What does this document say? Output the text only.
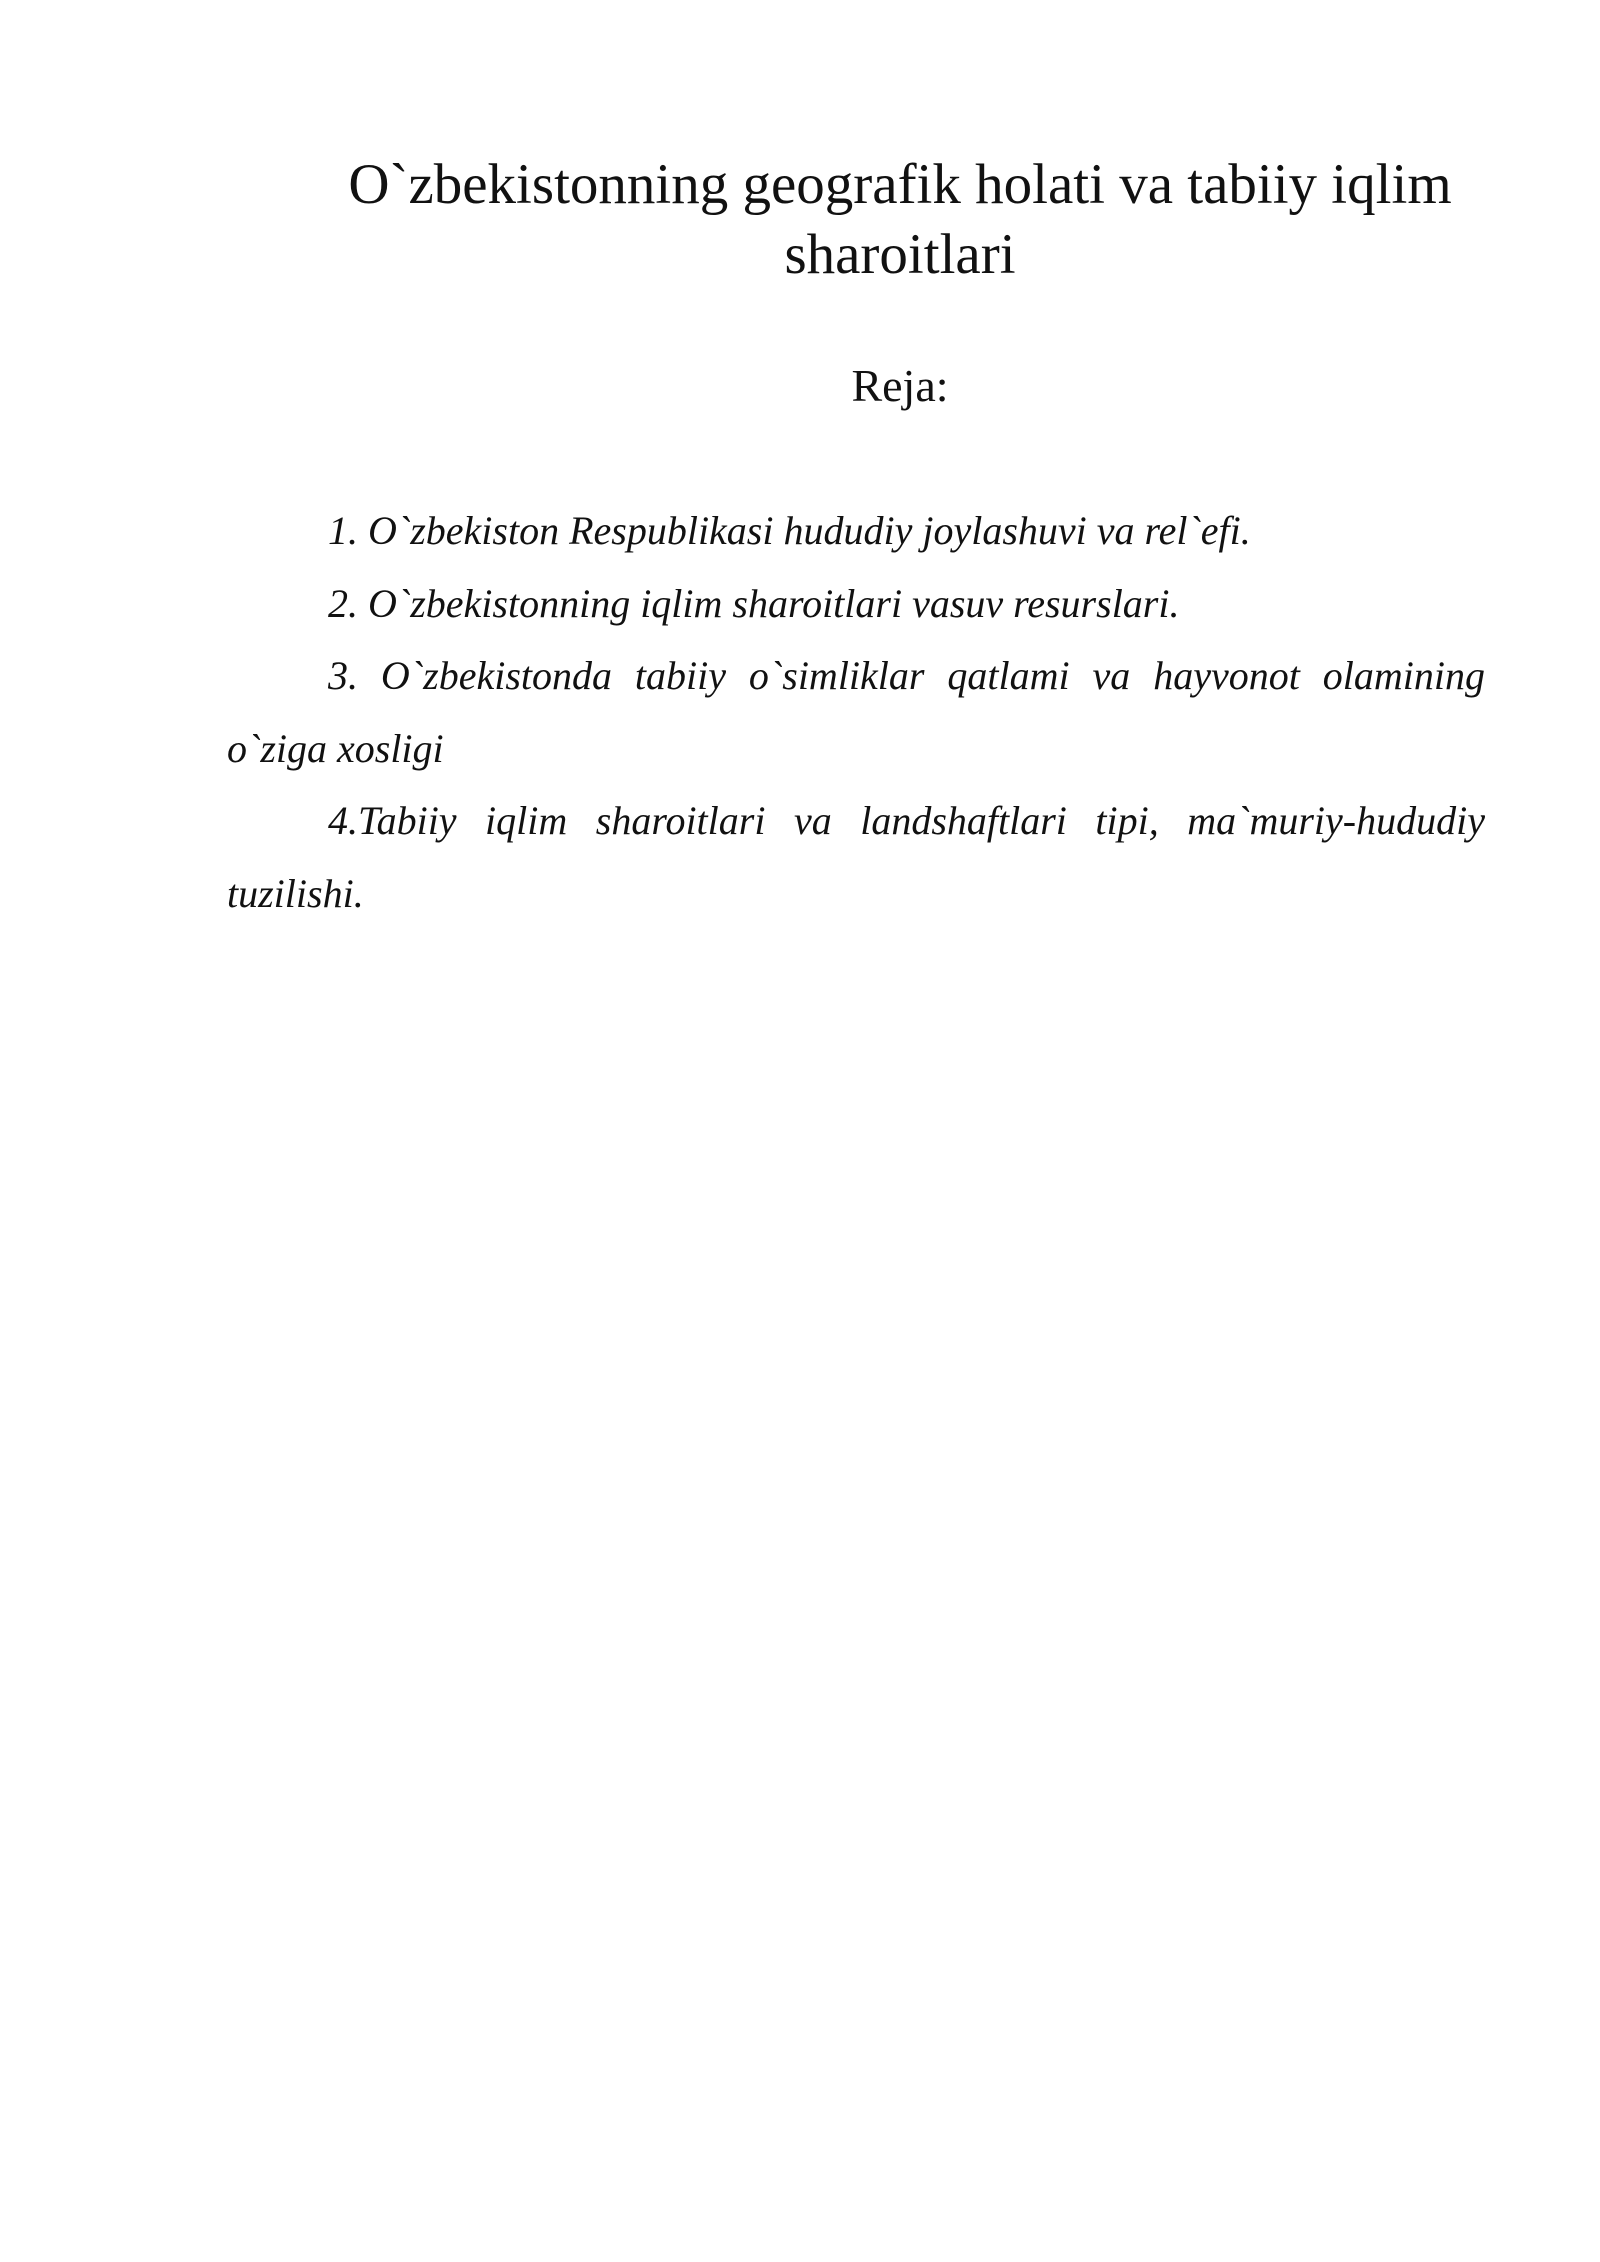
O`zbekistonning geografik holati va tabiiy iqlim sharoitlari

Reja:

1. O`zbekiston Respublikasi hududiy joylashuvi va rel`efi.
2. O`zbekistonning iqlim sharoitlari vasuv resurslari.
3. O`zbekistonda tabiiy o`simliklar qatlami va hayvonot olamining o`ziga xosligi
4.Tabiiy iqlim sharoitlari va landshaftlari tipi, ma`muriy-hududiy tuzilishi.
